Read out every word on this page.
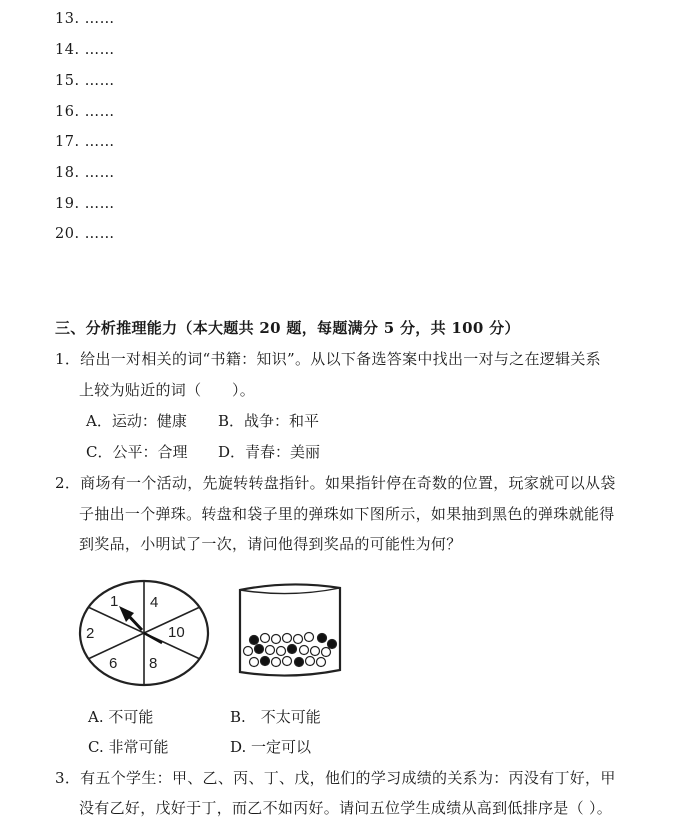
13. ……
14. ……
15. ……
16. ……
17. ……
18. ……
19. ……
20. ……
三、分析推理能力（本大题共 20 题，每题满分 5 分，共 100 分）
1．给出一对相关的词“书籍：知识”。从以下备选答案中找出一对与之在逻辑关系
上较为贴近的词（　　）。
A．运动：健康 B．战争：和平
C．公平：合理 D．青春：美丽
2．商场有一个活动，先旋转转盘指针。如果指针停在奇数的位置，玩家就可以从袋
子抽出一个弹珠。转盘和袋子里的弹珠如下图所示，如果抽到黑色的弹珠就能得
到奖品，小明试了一次，请问他得到奖品的可能性为何？
1 4
10
8
6
2
A. 不可能	B.　不太可能
C. 非常可能	D. 一定可以
3．有五个学生：甲、乙、丙、丁、戊，他们的学习成绩的关系为：丙没有丁好，甲
没有乙好，戊好于丁，而乙不如丙好。请问五位学生成绩从高到低排序是（ ）。
